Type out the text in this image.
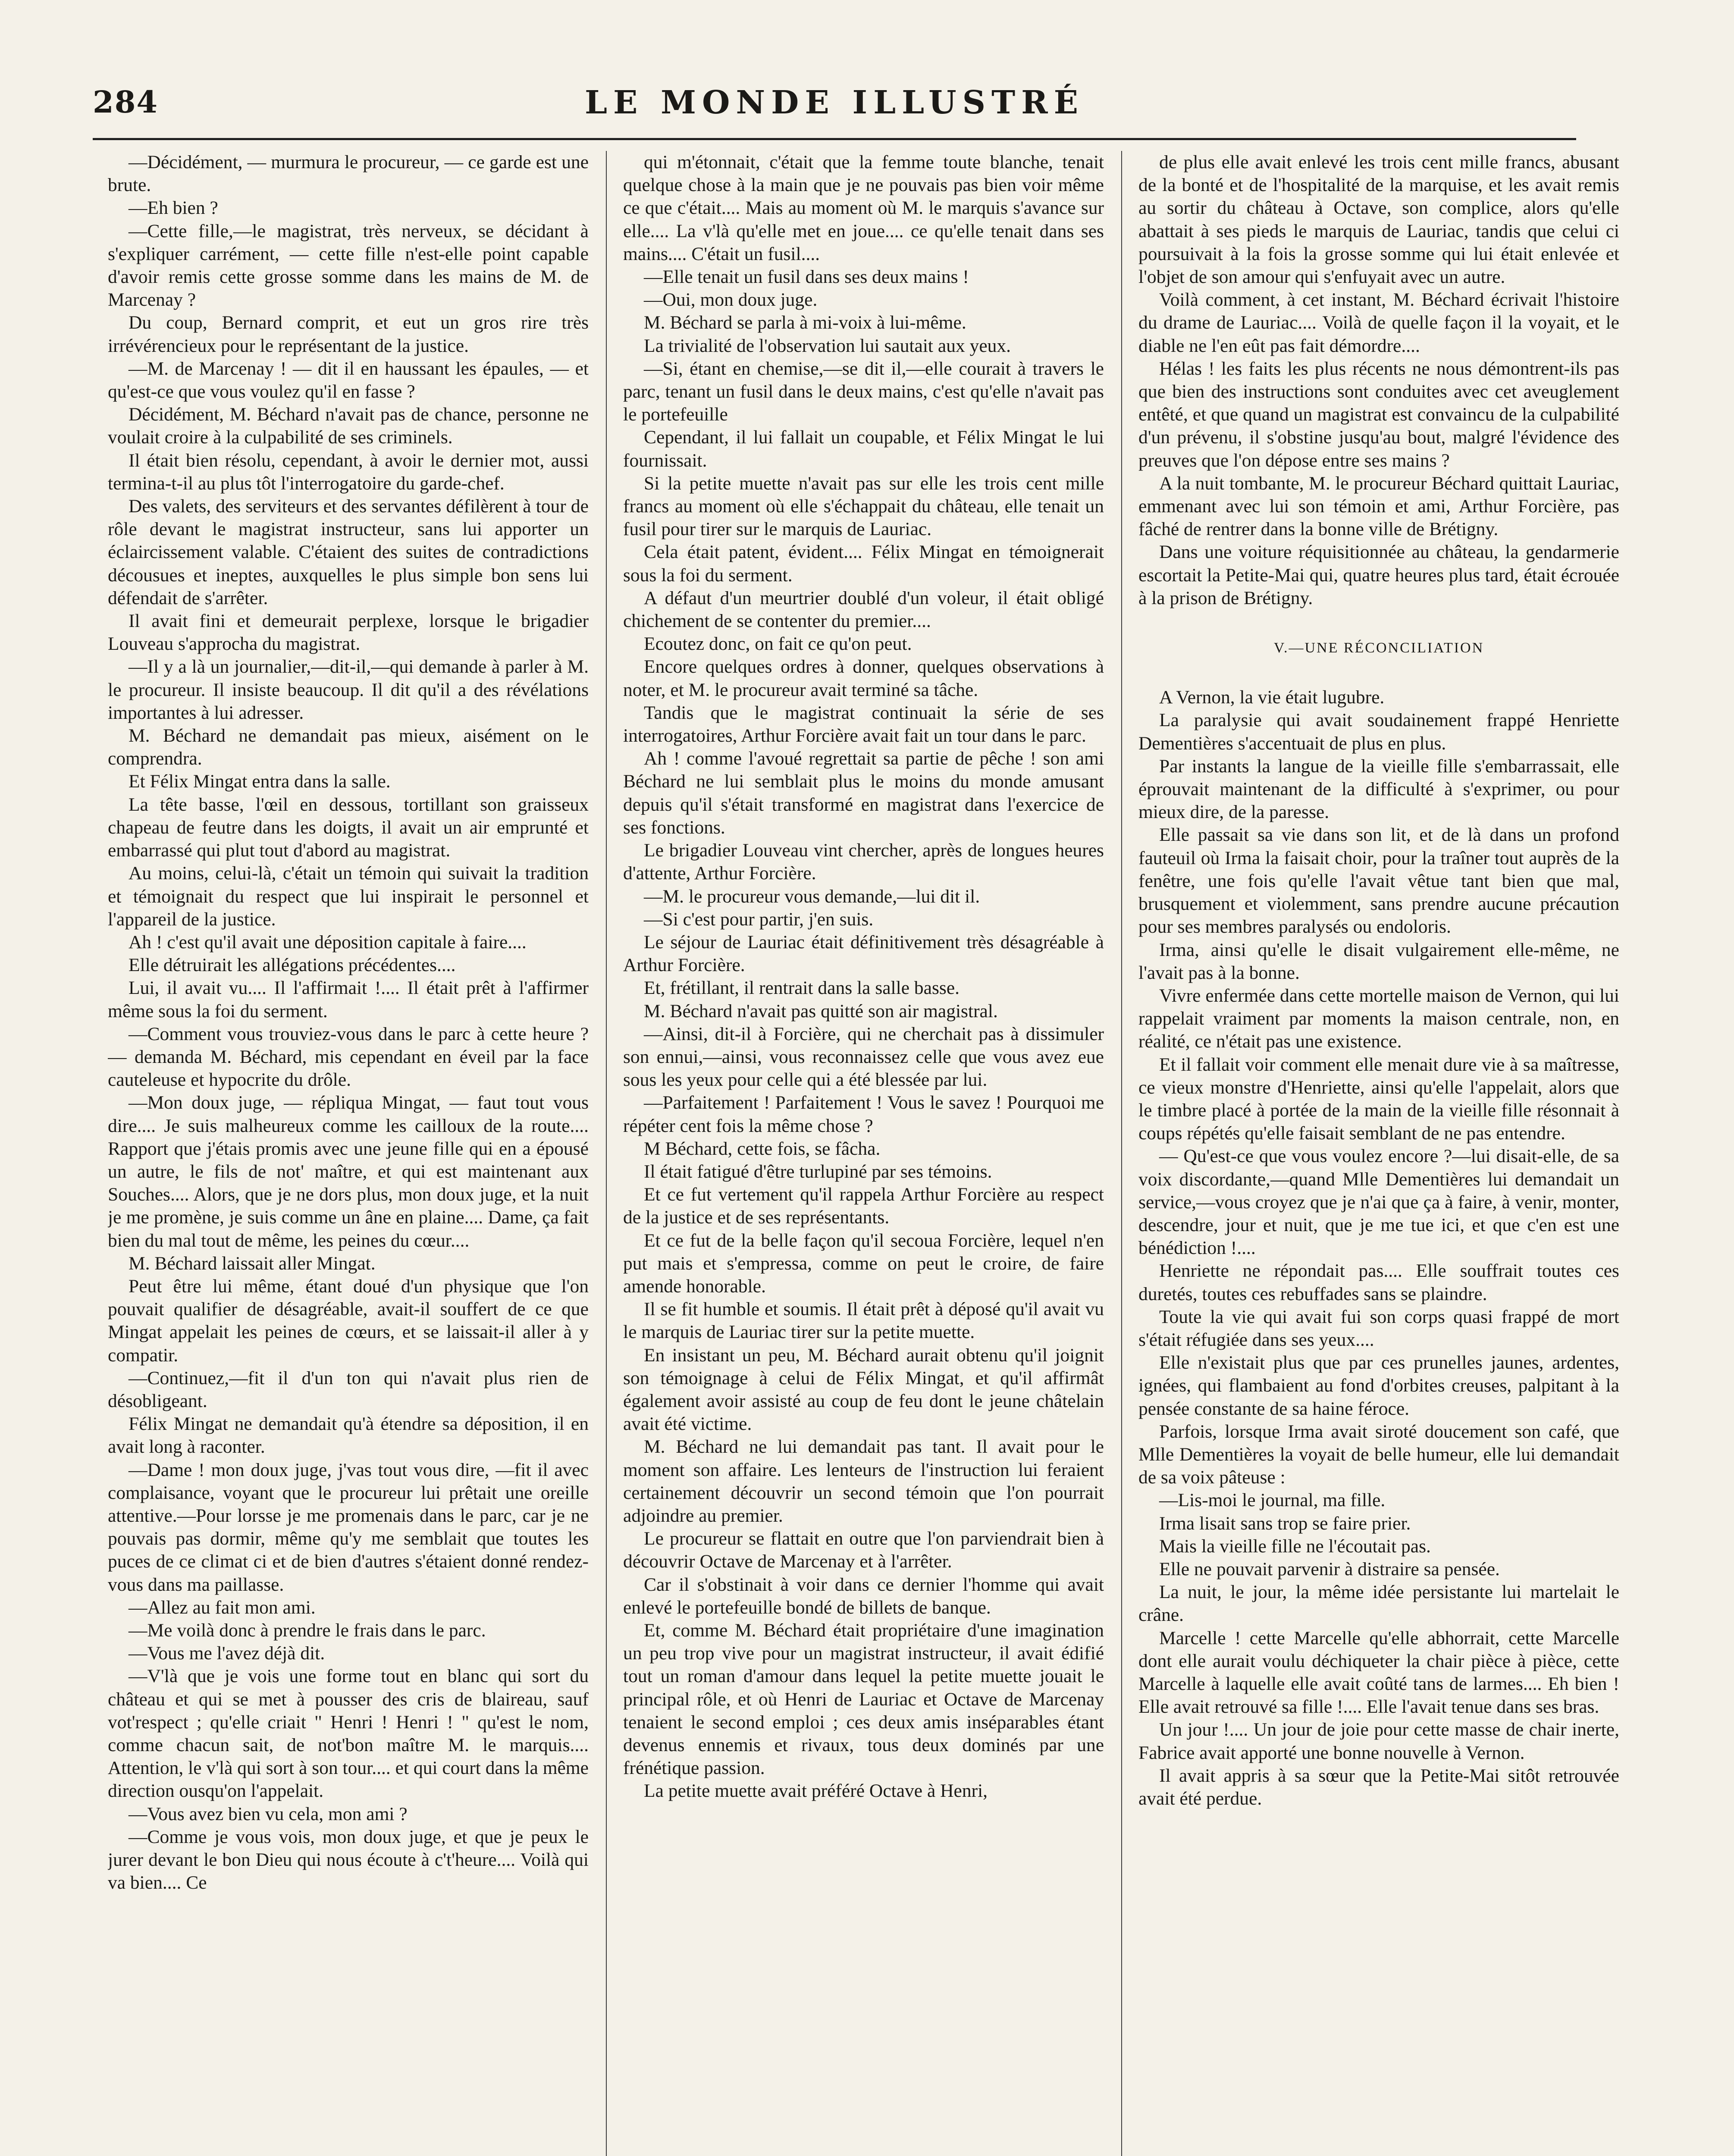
284	LE MONDE ILLUSTRÉ

—Décidément, — murmura le procureur, — ce garde est une brute.

—Eh bien ?

—Cette fille,—le magistrat, très nerveux, se décidant à s'expliquer carrément, — cette fille n'est-elle point capable d'avoir remis cette grosse somme dans les mains de M. de Marcenay ?

Du coup, Bernard comprit, et eut un gros rire très irrévérencieux pour le représentant de la justice.

—M. de Marcenay ! — dit il en haussant les épaules, — et qu'est-ce que vous voulez qu'il en fasse ?

Décidément, M. Béchard n'avait pas de chance, personne ne voulait croire à la culpabilité de ses criminels.

Il était bien résolu, cependant, à avoir le dernier mot, aussi termina-t-il au plus tôt l'interrogatoire du garde-chef.

Des valets, des serviteurs et des servantes défilèrent à tour de rôle devant le magistrat instructeur, sans lui apporter un éclaircissement valable. C'étaient des suites de contradictions décousues et ineptes, auxquelles le plus simple bon sens lui défendait de s'arrêter.

Il avait fini et demeurait perplexe, lorsque le brigadier Louveau s'approcha du magistrat.

—Il y a là un journalier,—dit-il,—qui demande à parler à M. le procureur. Il insiste beaucoup. Il dit qu'il a des révélations importantes à lui adresser.

M. Béchard ne demandait pas mieux, aisément on le comprendra.

Et Félix Mingat entra dans la salle.

La tête basse, l'œil en dessous, tortillant son graisseux chapeau de feutre dans les doigts, il avait un air emprunté et embarrassé qui plut tout d'abord au magistrat.

Au moins, celui-là, c'était un témoin qui suivait la tradition et témoignait du respect que lui inspirait le personnel et l'appareil de la justice.

Ah ! c'est qu'il avait une déposition capitale à faire....

Elle détruirait les allégations précédentes....

Lui, il avait vu.... Il l'affirmait !.... Il était prêt à l'affirmer même sous la foi du serment.

—Comment vous trouviez-vous dans le parc à cette heure ? — demanda M. Béchard, mis cependant en éveil par la face cauteleuse et hypocrite du drôle.

—Mon doux juge, — répliqua Mingat, — faut tout vous dire.... Je suis malheureux comme les cailloux de la route.... Rapport que j'étais promis avec une jeune fille qui en a épousé un autre, le fils de not' maître, et qui est maintenant aux Souches.... Alors, que je ne dors plus, mon doux juge, et la nuit je me promène, je suis comme un âne en plaine.... Dame, ça fait bien du mal tout de même, les peines du cœur....

M. Béchard laissait aller Mingat.

Peut être lui même, étant doué d'un physique que l'on pouvait qualifier de désagréable, avait-il souffert de ce que Mingat appelait les peines de cœurs, et se laissait-il aller à y compatir.

—Continuez,—fit il d'un ton qui n'avait plus rien de désobligeant.

Félix Mingat ne demandait qu'à étendre sa déposition, il en avait long à raconter.

—Dame ! mon doux juge, j'vas tout vous dire, —fit il avec complaisance, voyant que le procureur lui prêtait une oreille attentive.—Pour lorsse je me promenais dans le parc, car je ne pouvais pas dormir, même qu'y me semblait que toutes les puces de ce climat ci et de bien d'autres s'étaient donné rendez-vous dans ma paillasse.

—Allez au fait mon ami.

—Me voilà donc à prendre le frais dans le parc.

—Vous me l'avez déjà dit.

—V'là que je vois une forme tout en blanc qui sort du château et qui se met à pousser des cris de blaireau, sauf vot'respect ; qu'elle criait " Henri ! Henri ! " qu'est le nom, comme chacun sait, de not'bon maître M. le marquis.... Attention, le v'là qui sort à son tour.... et qui court dans la même direction ousqu'on l'appelait.

—Vous avez bien vu cela, mon ami ?

—Comme je vous vois, mon doux juge, et que je peux le jurer devant le bon Dieu qui nous écoute à c't'heure.... Voilà qui va bien.... Ce

qui m'étonnait, c'était que la femme toute blanche, tenait quelque chose à la main que je ne pouvais pas bien voir même ce que c'était.... Mais au moment où M. le marquis s'avance sur elle.... La v'là qu'elle met en joue.... ce qu'elle tenait dans ses mains.... C'était un fusil....

—Elle tenait un fusil dans ses deux mains !

—Oui, mon doux juge.

M. Béchard se parla à mi-voix à lui-même.

La trivialité de l'observation lui sautait aux yeux.

—Si, étant en chemise,—se dit il,—elle courait à travers le parc, tenant un fusil dans le deux mains, c'est qu'elle n'avait pas le portefeuille

Cependant, il lui fallait un coupable, et Félix Mingat le lui fournissait.

Si la petite muette n'avait pas sur elle les trois cent mille francs au moment où elle s'échappait du château, elle tenait un fusil pour tirer sur le marquis de Lauriac.

Cela était patent, évident.... Félix Mingat en témoignerait sous la foi du serment.

A défaut d'un meurtrier doublé d'un voleur, il était obligé chichement de se contenter du premier....

Ecoutez donc, on fait ce qu'on peut.

Encore quelques ordres à donner, quelques observations à noter, et M. le procureur avait terminé sa tâche.

Tandis que le magistrat continuait la série de ses interrogatoires, Arthur Forcière avait fait un tour dans le parc.

Ah ! comme l'avoué regrettait sa partie de pêche ! son ami Béchard ne lui semblait plus le moins du monde amusant depuis qu'il s'était transformé en magistrat dans l'exercice de ses fonctions.

Le brigadier Louveau vint chercher, après de longues heures d'attente, Arthur Forcière.

—M. le procureur vous demande,—lui dit il.

—Si c'est pour partir, j'en suis.

Le séjour de Lauriac était définitivement très désagréable à Arthur Forcière.

Et, frétillant, il rentrait dans la salle basse.

M. Béchard n'avait pas quitté son air magistral.

—Ainsi, dit-il à Forcière, qui ne cherchait pas à dissimuler son ennui,—ainsi, vous reconnaissez celle que vous avez eue sous les yeux pour celle qui a été blessée par lui.

—Parfaitement ! Parfaitement ! Vous le savez ! Pourquoi me répéter cent fois la même chose ?

M Béchard, cette fois, se fâcha.

Il était fatigué d'être turlupiné par ses témoins.

Et ce fut vertement qu'il rappela Arthur Forcière au respect de la justice et de ses représentants.

Et ce fut de la belle façon qu'il secoua Forcière, lequel n'en put mais et s'empressa, comme on peut le croire, de faire amende honorable.

Il se fit humble et soumis. Il était prêt à déposé qu'il avait vu le marquis de Lauriac tirer sur la petite muette.

En insistant un peu, M. Béchard aurait obtenu qu'il joignit son témoignage à celui de Félix Mingat, et qu'il affirmât également avoir assisté au coup de feu dont le jeune châtelain avait été victime.

M. Béchard ne lui demandait pas tant. Il avait pour le moment son affaire. Les lenteurs de l'instruction lui feraient certainement découvrir un second témoin que l'on pourrait adjoindre au premier.

Le procureur se flattait en outre que l'on parviendrait bien à découvrir Octave de Marcenay et à l'arrêter.

Car il s'obstinait à voir dans ce dernier l'homme qui avait enlevé le portefeuille bondé de billets de banque.

Et, comme M. Béchard était propriétaire d'une imagination un peu trop vive pour un magistrat instructeur, il avait édifié tout un roman d'amour dans lequel la petite muette jouait le principal rôle, et où Henri de Lauriac et Octave de Marcenay tenaient le second emploi ; ces deux amis inséparables étant devenus ennemis et rivaux, tous deux dominés par une frénétique passion.

La petite muette avait préféré Octave à Henri,

de plus elle avait enlevé les trois cent mille francs, abusant de la bonté et de l'hospitalité de la marquise, et les avait remis au sortir du château à Octave, son complice, alors qu'elle abattait à ses pieds le marquis de Lauriac, tandis que celui ci poursuivait à la fois la grosse somme qui lui était enlevée et l'objet de son amour qui s'enfuyait avec un autre.

Voilà comment, à cet instant, M. Béchard écrivait l'histoire du drame de Lauriac.... Voilà de quelle façon il la voyait, et le diable ne l'en eût pas fait démordre....

Hélas ! les faits les plus récents ne nous démontrent-ils pas que bien des instructions sont conduites avec cet aveuglement entêté, et que quand un magistrat est convaincu de la culpabilité d'un prévenu, il s'obstine jusqu'au bout, malgré l'évidence des preuves que l'on dépose entre ses mains ?

A la nuit tombante, M. le procureur Béchard quittait Lauriac, emmenant avec lui son témoin et ami, Arthur Forcière, pas fâché de rentrer dans la bonne ville de Brétigny.

Dans une voiture réquisitionnée au château, la gendarmerie escortait la Petite-Mai qui, quatre heures plus tard, était écrouée à la prison de Brétigny.

V.—UNE RÉCONCILIATION

A Vernon, la vie était lugubre.

La paralysie qui avait soudainement frappé Henriette Dementières s'accentuait de plus en plus.

Par instants la langue de la vieille fille s'embarrassait, elle éprouvait maintenant de la difficulté à s'exprimer, ou pour mieux dire, de la paresse.

Elle passait sa vie dans son lit, et de là dans un profond fauteuil où Irma la faisait choir, pour la traîner tout auprès de la fenêtre, une fois qu'elle l'avait vêtue tant bien que mal, brusquement et violemment, sans prendre aucune précaution pour ses membres paralysés ou endoloris.

Irma, ainsi qu'elle le disait vulgairement elle-même, ne l'avait pas à la bonne.

Vivre enfermée dans cette mortelle maison de Vernon, qui lui rappelait vraiment par moments la maison centrale, non, en réalité, ce n'était pas une existence.

Et il fallait voir comment elle menait dure vie à sa maîtresse, ce vieux monstre d'Henriette, ainsi qu'elle l'appelait, alors que le timbre placé à portée de la main de la vieille fille résonnait à coups répétés qu'elle faisait semblant de ne pas entendre.

— Qu'est-ce que vous voulez encore ?—lui disait-elle, de sa voix discordante,—quand Mlle Dementières lui demandait un service,—vous croyez que je n'ai que ça à faire, à venir, monter, descendre, jour et nuit, que je me tue ici, et que c'en est une bénédiction !....

Henriette ne répondait pas.... Elle souffrait toutes ces duretés, toutes ces rebuffades sans se plaindre.

Toute la vie qui avait fui son corps quasi frappé de mort s'était réfugiée dans ses yeux....

Elle n'existait plus que par ces prunelles jaunes, ardentes, ignées, qui flambaient au fond d'orbites creuses, palpitant à la pensée constante de sa haine féroce.

Parfois, lorsque Irma avait siroté doucement son café, que Mlle Dementières la voyait de belle humeur, elle lui demandait de sa voix pâteuse :

—Lis-moi le journal, ma fille.

Irma lisait sans trop se faire prier.

Mais la vieille fille ne l'écoutait pas.

Elle ne pouvait parvenir à distraire sa pensée.

La nuit, le jour, la même idée persistante lui martelait le crâne.

Marcelle ! cette Marcelle qu'elle abhorrait, cette Marcelle dont elle aurait voulu déchiqueter la chair pièce à pièce, cette Marcelle à laquelle elle avait coûté tans de larmes.... Eh bien ! Elle avait retrouvé sa fille !.... Elle l'avait tenue dans ses bras.

Un jour !.... Un jour de joie pour cette masse de chair inerte, Fabrice avait apporté une bonne nouvelle à Vernon.

Il avait appris à sa sœur que la Petite-Mai sitôt retrouvée avait été perdue.
